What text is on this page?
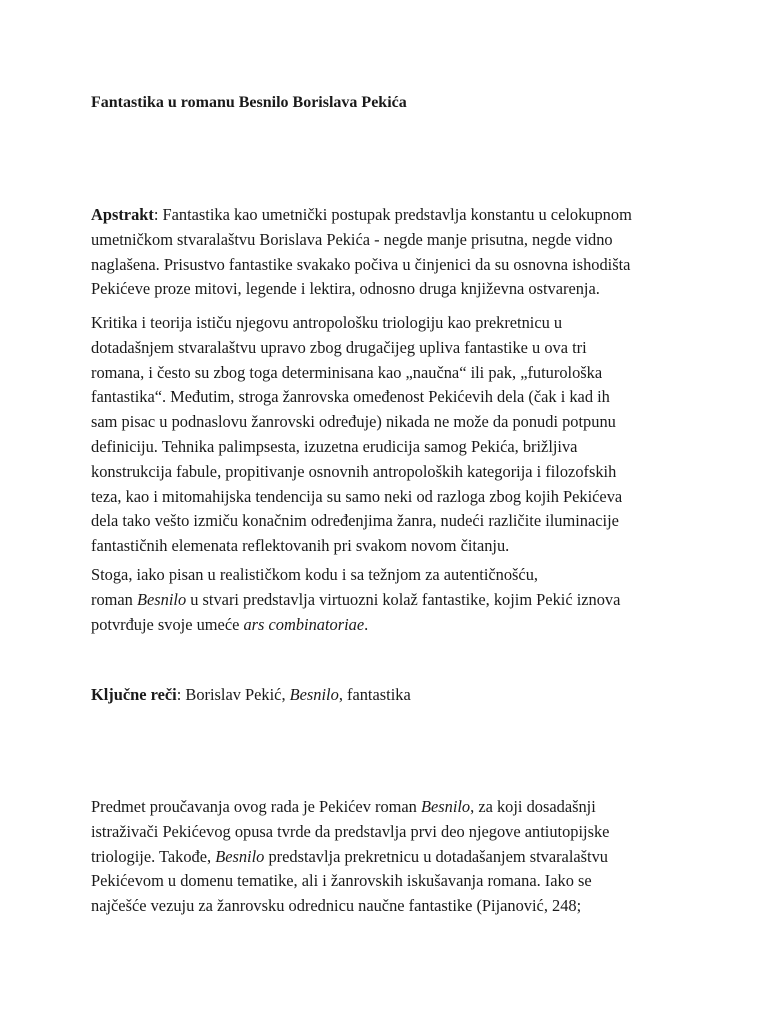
Fantastika u romanu Besnilo Borislava Pekića
Apstrakt: Fantastika kao umetnički postupak predstavlja konstantu u celokupnom
umetničkom stvaralaštvu Borislava Pekića - negde manje prisutna, negde vidno
naglašena. Prisustvo fantastike svakako počiva u činjenici da su osnovna ishodišta
Pekićeve proze mitovi, legende i lektira, odnosno druga književna ostvarenja.
Kritika i teorija ističu njegovu antropološku triologiju kao prekretnicu u
dotadašnjem stvaralaštvu upravo zbog drugačijeg upliva fantastike u ova tri
romana, i često su zbog toga determinisana kao „naučna“ ili pak, „futurološka
fantastika“. Međutim, stroga žanrovska omeđenost Pekićevih dela (čak i kad ih
sam pisac u podnaslovu žanrovski određuje) nikada ne može da ponudi potpunu
definiciju. Tehnika palimpsesta, izuzetna erudicija samog Pekića, brižljiva
konstrukcija fabule, propitivanje osnovnih antropoloških kategorija i filozofskih
teza, kao i mitomahijska tendencija su samo neki od razloga zbog kojih Pekićeva
dela tako vešto izmiču konačnim određenjima žanra, nudeći različite iluminacije
fantastičnih elemenata reflektovanih pri svakom novom čitanju.
Stoga, iako pisan u realističkom kodu i sa težnjom za autentičnošću,
roman Besnilo u stvari predstavlja virtuozni kolaž fantastike, kojim Pekić iznova
potvrđuje svoje umeće ars combinatoriae.
Ključne reči: Borislav Pekić, Besnilo, fantastika
Predmet proučavanja ovog rada je Pekićev roman Besnilo, za koji dosadašnji
istraživači Pekićevog opusa tvrde da predstavlja prvi deo njegove antiutopijske
triologije. Takođe, Besnilo predstavlja prekretnicu u dotadašanjem stvaralaštvu
Pekićevom u domenu tematike, ali i žanrovskih iskušavanja romana. Iako se
najčešće vezuju za žanrovsku odrednicu naučne fantastike (Pijanović, 248;
